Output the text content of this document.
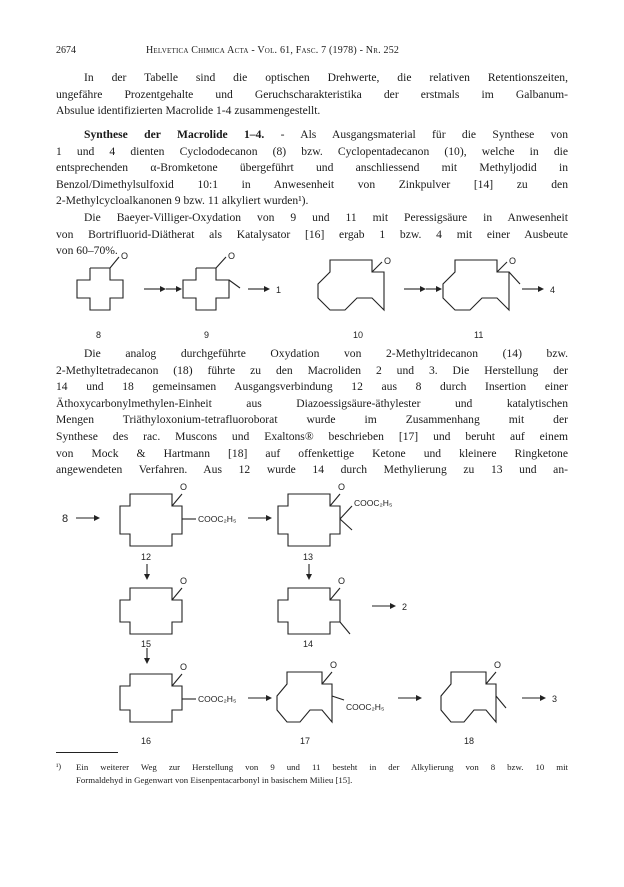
2674	Helvetica Chimica Acta - Vol. 61, Fasc. 7 (1978) - Nr. 252

In der Tabelle sind die optischen Drehwerte, die relativen Retentionszeiten,
ungefähre Prozentgehalte und Geruchscharakteristika der erstmals im Galbanum-
Absulue identifizierten Macrolide 1-4 zusammengestellt.

Synthese der Macrolide 1–4. - Als Ausgangsmaterial für die Synthese von
1 und 4 dienten Cyclododecanon (8) bzw. Cyclopentadecanon (10), welche in die
entsprechenden α-Bromketone übergeführt und anschliessend mit Methyljodid in
Benzol/Dimethylsulfoxid 10:1 in Anwesenheit von Zinkpulver [14] zu den
2-Methylcycloalkanonen 9 bzw. 11 alkyliert wurden¹).

Die Baeyer-Villiger-Oxydation von 9 und 11 mit Peressigsäure in Anwesenheit
von Bortrifluorid-Diätherat als Katalysator [16] ergab 1 bzw. 4 mit einer Ausbeute
von 60–70%. O	O	O	O
1	4
8	9	10	11

Die analog durchgeführte Oxydation von 2-Methyltridecanon (14) bzw.
2-Methyltetradecanon (18) führte zu den Macroliden 2 und 3. Die Herstellung der
14 und 18 gemeinsamen Ausgangsverbindung 12 aus 8 durch Insertion einer
Äthoxycarbonylmethylen-Einheit aus Diazoessigsäure-äthylester und katalytischen
Mengen Triäthyloxonium-tetrafluoroborat wurde im Zusammenhang mit der
Synthese des rac. Muscons und Exaltons® beschrieben [17] und beruht auf einem
von Mock & Hartmann [18] auf offenkettige Ketone und kleinere Ringketone
angewendeten Verfahren. Aus 12 wurde 14 durch Methylierung zu 13 und an-

8
O	O
O	O
O	O	O
COOC₂H₅
COOC₂H₅
COOC₂H₅
COOC₂H₅
2
3
12	13
15	14
16	17	18
¹) Ein weiterer Weg zur Herstellung von 9 und 11 besteht in der Alkylierung von 8 bzw. 10 mit
Formaldehyd in Gegenwart von Eisenpentacarbonyl in basischem Milieu [15].
